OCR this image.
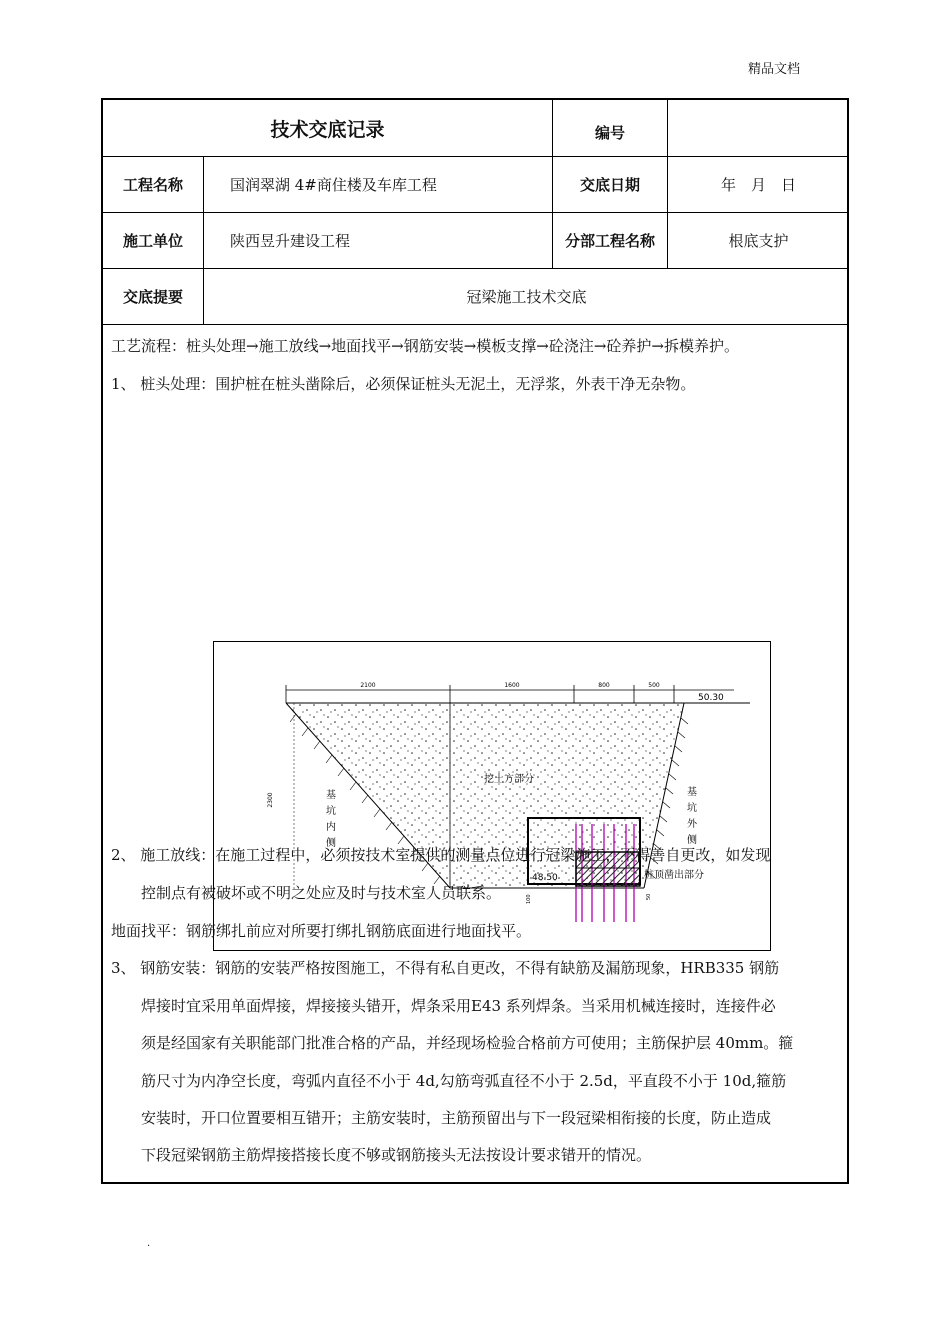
精品文档
技术交底记录	编号
工程名称	国润翠湖 4#商住楼及车库工程	交底日期	年　月　日
施工单位	陕西昱升建设工程	分部工程名称	根底支护
交底提要	冠梁施工技术交底
工艺流程：桩头处理→施工放线→地面找平→钢筋安装→模板支撑→砼浇注→砼养护→拆模养护。
1、 桩头处理：围护桩在桩头凿除后，必须保证桩头无泥土，无浮浆，外表干净无杂物。
2100	1600	800	500
50.30
2300
挖土方部分
基
坑
内
侧
基
坑
外
侧
48.50	桩顶凿出部分
100	50
2、 施工放线：在施工过程中，必须按技术室提供的测量点位进行冠梁施工，不得善自更改，如发现
控制点有被破坏或不明之处应及时与技术室人员联系。
地面找平：钢筋绑扎前应对所要打绑扎钢筋底面进行地面找平。
3、 钢筋安装：钢筋的安装严格按图施工，不得有私自更改，不得有缺筋及漏筋现象，HRB335 钢筋
焊接时宜采用单面焊接，焊接接头错开，焊条采用E43 系列焊条。当采用机械连接时，连接件必
须是经国家有关职能部门批准合格的产品，并经现场检验合格前方可使用；主筋保护层 40mm。箍
筋尺寸为内净空长度，弯弧内直径不小于 4d,勾筋弯弧直径不小于 2.5d，平直段不小于 10d,箍筋
安装时，开口位置要相互错开；主筋安装时，主筋预留出与下一段冠梁相衔接的长度，防止造成
下段冠梁钢筋主筋焊接搭接长度不够或钢筋接头无法按设计要求错开的情况。
.
